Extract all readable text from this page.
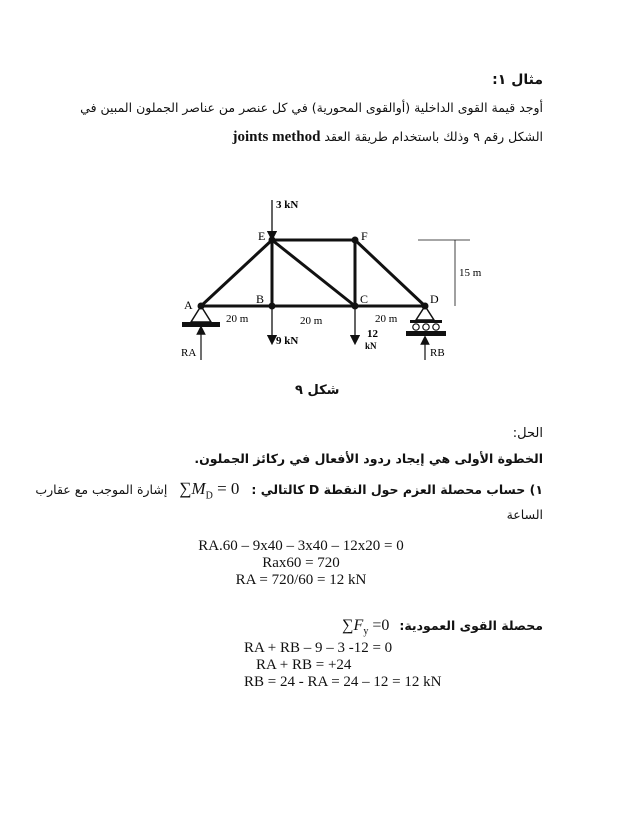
مثال ١:
أوجد قيمة القوى الداخلية (أوالقوى المحورية) في كل عنصر من عناصر الجملون المبين في
الشكل رقم ٩ وذلك باستخدام طريقة العقد joints method
A	B	C	D
E	F
RA	RB
3 kN
9 kN
12
kN
20 m	20 m	20 m
15 m
شكل ٩
الحل:
الخطوة الأولى هي إيجاد ردود الأفعال في ركائز الجملون.
١) حساب محصلة العزم حول النقطة D كالتالي : $\sum M_D = 0$ إشارة الموجب مع عقارب
الساعة
RA.60 – 9x40 – 3x40 – 12x20 = 0
Rax60 = 720
RA = 720/60 = 12 kN
محصلة القوى العمودية: $\sum F_y =0$
RA + RB – 9 – 3 -12 = 0
RA + RB = +24
RB = 24 - RA = 24 – 12 = 12 kN
